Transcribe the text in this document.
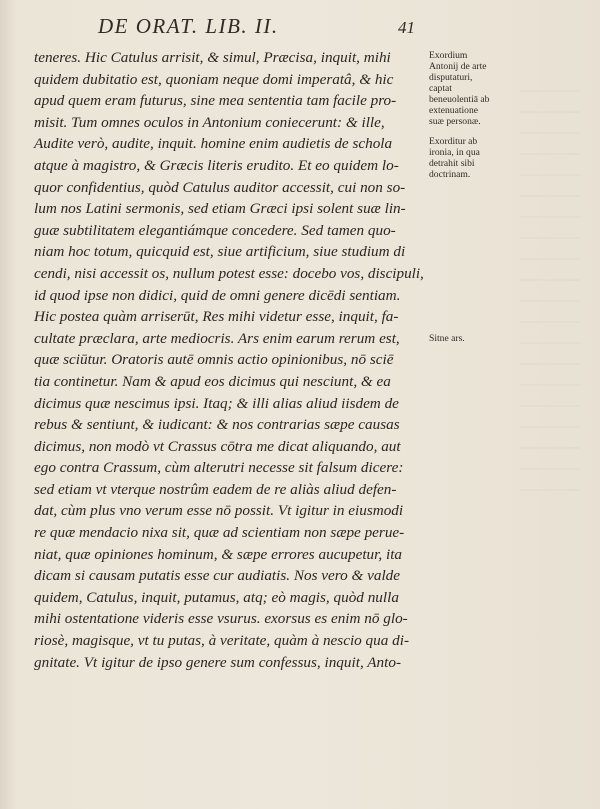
DE ORAT. LIB. II.	41
teneres. Hic Catulus arrisit, & simul, Præcisa, inquit, mihi
quidem dubitatio est, quoniam neque domi imperatâ, & hic
apud quem eram futurus, sine mea sententia tam facile pro-
misit. Tum omnes oculos in Antonium coniecerunt: & ille,
Audite verò, audite, inquit. homine enim audietis de schola
atque à magistro, & Græcis literis erudito. Et eo quidem lo-
quor confidentius, quòd Catulus auditor accessit, cui non so-
lum nos Latini sermonis, sed etiam Græci ipsi solent suæ lin-
guæ subtilitatem elegantiámque concedere. Sed tamen quo-
niam hoc totum, quicquid est, siue artificium, siue studium di
cendi, nisi accessit os, nullum potest esse: docebo vos, discipuli,
id quod ipse non didici, quid de omni genere dicēdi sentiam.
Hic postea quàm arriserūt, Res mihi videtur esse, inquit, fa-
cultate præclara, arte mediocris. Ars enim earum rerum est,
quæ sciūtur. Oratoris autē omnis actio opinionibus, nō sciē
tia continetur. Nam & apud eos dicimus qui nesciunt, & ea
dicimus quæ nescimus ipsi. Itaq; & illi alias aliud iisdem de
rebus & sentiunt, & iudicant: & nos contrarias sæpe causas
dicimus, non modò vt Crassus cōtra me dicat aliquando, aut
ego contra Crassum, cùm alterutri necesse sit falsum dicere:
sed etiam vt vterque nostrûm eadem de re aliàs aliud defen-
dat, cùm plus vno verum esse nō possit. Vt igitur in eiusmodi
re quæ mendacio nixa sit, quæ ad scientiam non sæpe perue-
niat, quæ opiniones hominum, & sæpe errores aucupetur, ita
dicam si causam putatis esse cur audiatis. Nos vero & valde
quidem, Catulus, inquit, putamus, atq; eò magis, quòd nulla
mihi ostentatione videris esse vsurus. exorsus es enim nō glo-
riosè, magisque, vt tu putas, à veritate, quàm à nescio qua di-
gnitate. Vt igitur de ipso genere sum confessus, inquit, Anto-
Exordium Antonij de arte disputaturi, captat beneuolentiā ab extenuatione suæ personæ.
Exorditur ab ironia, in qua detrahit sibi doctrinam.
Sitne ars.
